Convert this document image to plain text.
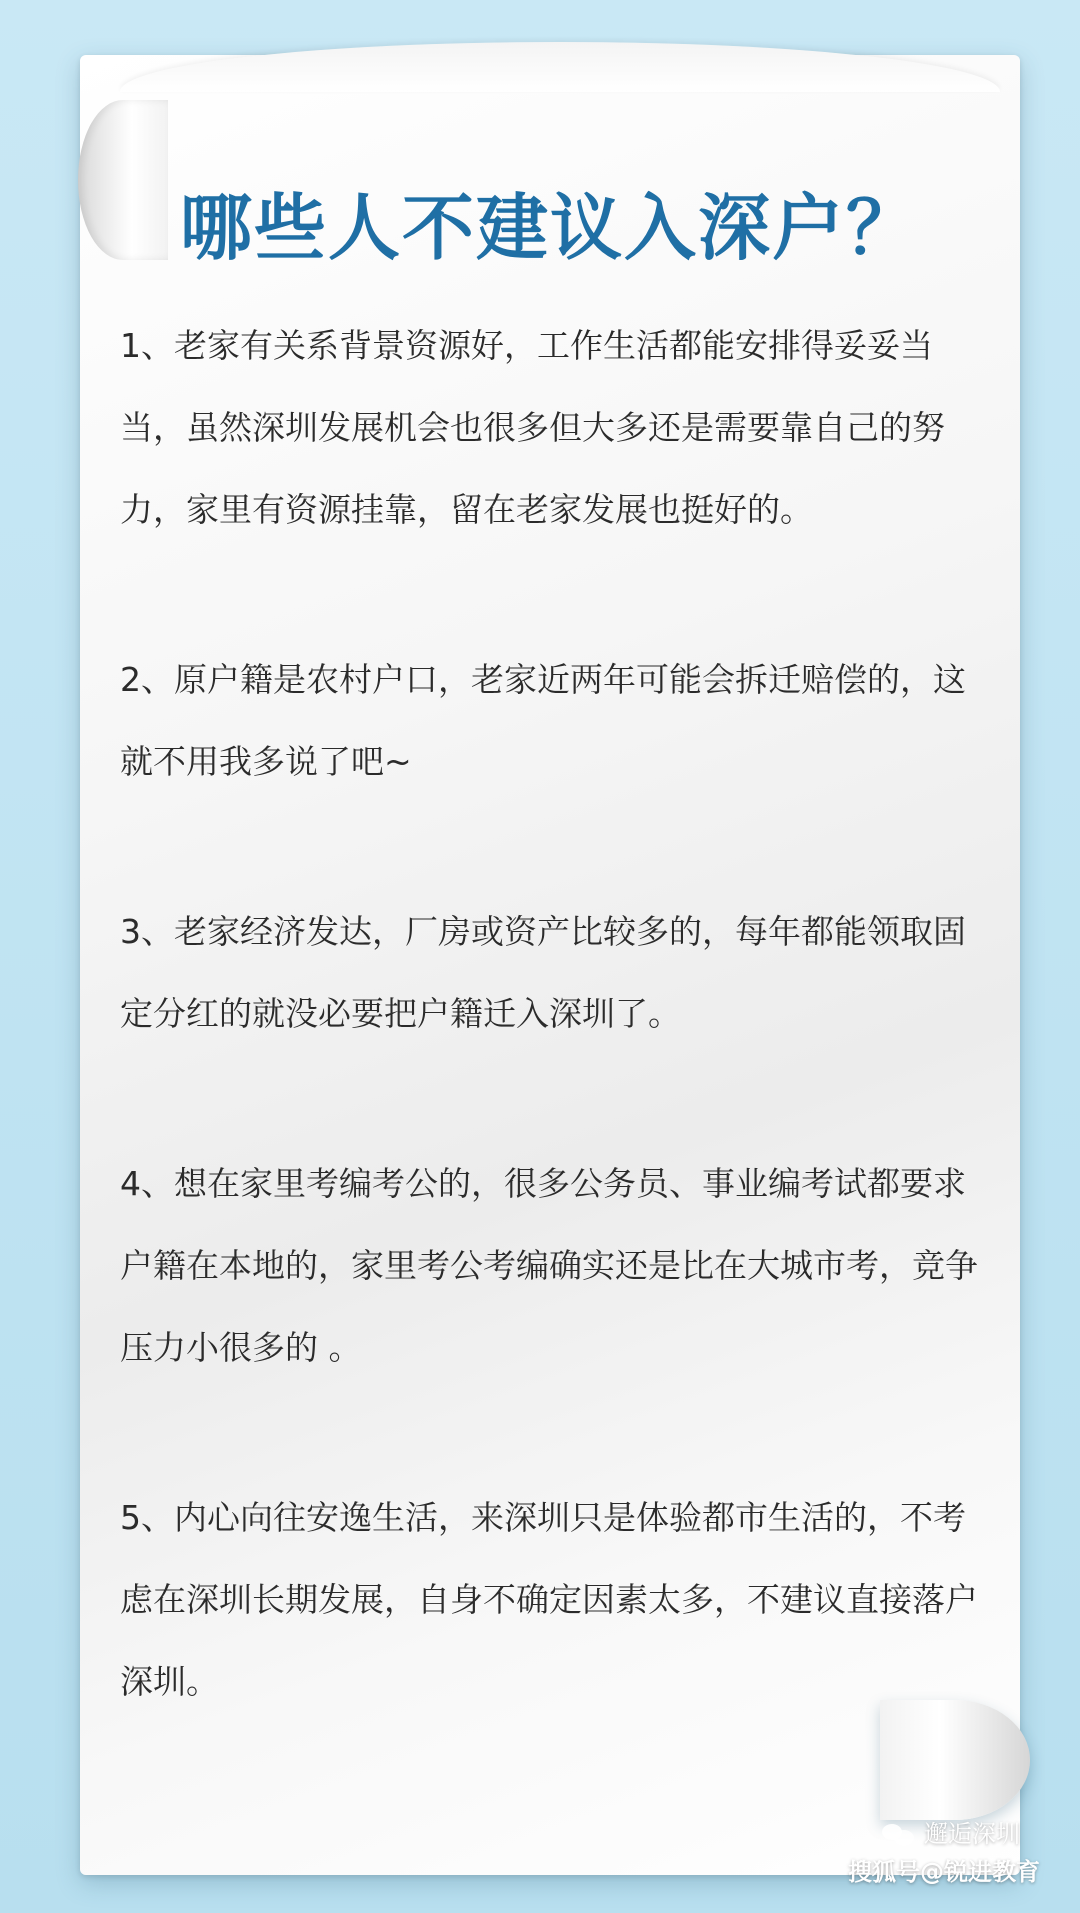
哪些人不建议入深户？

1、老家有关系背景资源好，工作生活都能安排得妥妥当当，虽然深圳发展机会也很多但大多还是需要靠自己的努力，家里有资源挂靠，留在老家发展也挺好的。

2、原户籍是农村户口，老家近两年可能会拆迁赔偿的，这就不用我多说了吧~

3、老家经济发达，厂房或资产比较多的，每年都能领取固定分红的就没必要把户籍迁入深圳了。

4、想在家里考编考公的，很多公务员、事业编考试都要求户籍在本地的，家里考公考编确实还是比在大城市考，竞争压力小很多的 。

5、内心向往安逸生活，来深圳只是体验都市生活的，不考虑在深圳长期发展，自身不确定因素太多，不建议直接落户深圳。

邂逅深圳
搜狐号@锐进教育
